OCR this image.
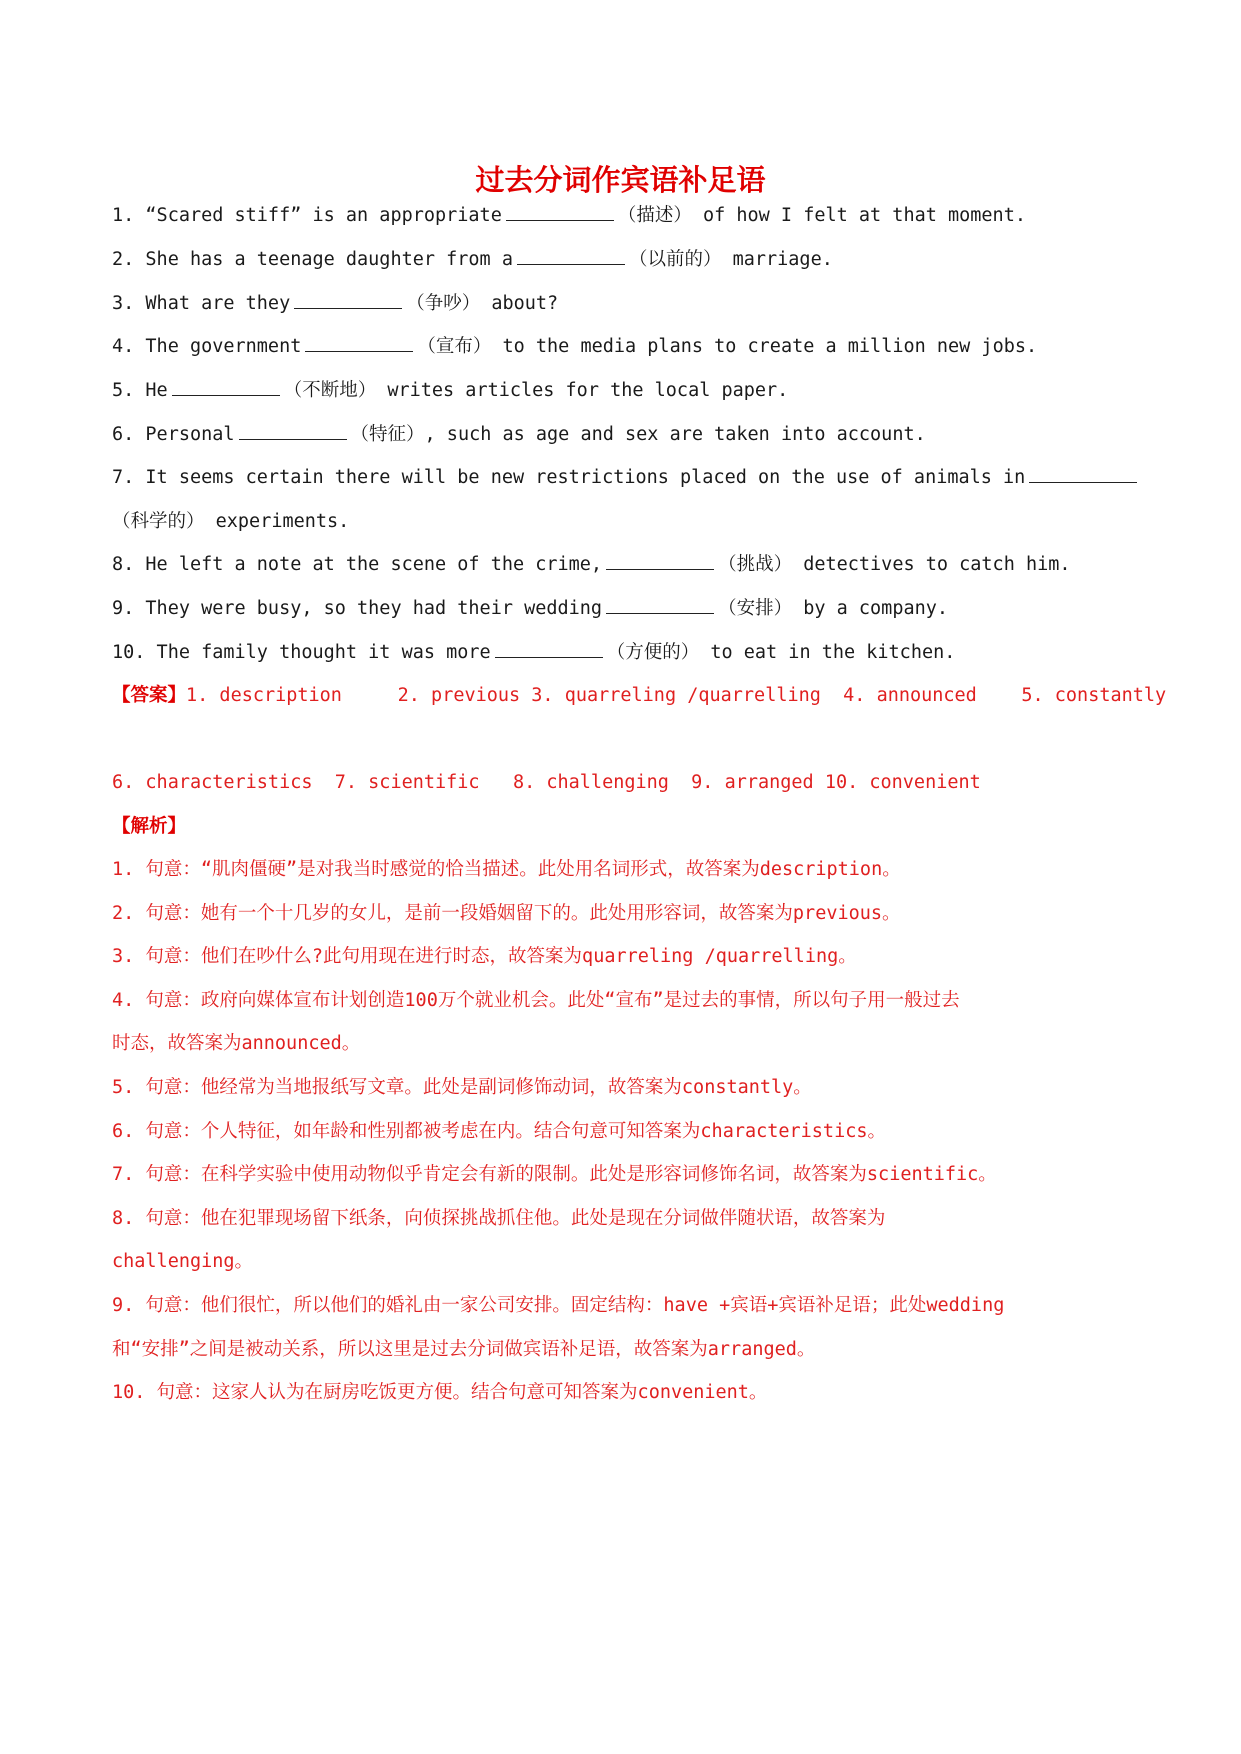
过去分词作宾语补足语
1. “Scared stiff” is an appropriate	（描述） of how I felt at that moment.
2. She has a teenage daughter from a	（以前的） marriage.
3. What are they	（争吵） about?
4. The government	（宣布） to the media plans to create a million new jobs.
5. He	（不断地） writes articles for the local paper.
6. Personal	（特征）, such as age and sex are taken into account.
7. It seems certain there will be new restrictions placed on the use of animals in
（科学的） experiments.
8. He left a note at the scene of the crime,	（挑战） detectives to catch him.
9. They were busy, so they had their wedding	（安排） by a company.
10. The family thought it was more	（方便的） to eat in the kitchen.
【答案】1. description     2. previous 3. quarreling /quarrelling  4. announced    5. constantly
6. characteristics  7. scientific   8. challenging  9. arranged 10. convenient
【解析】
1. 句意：“肌肉僵硬”是对我当时感觉的恰当描述。此处用名词形式，故答案为description。
2. 句意：她有一个十几岁的女儿，是前一段婚姻留下的。此处用形容词，故答案为previous。
3. 句意：他们在吵什么?此句用现在进行时态，故答案为quarreling /quarrelling。
4. 句意：政府向媒体宣布计划创造100万个就业机会。此处“宣布”是过去的事情，所以句子用一般过去
时态，故答案为announced。
5. 句意：他经常为当地报纸写文章。此处是副词修饰动词，故答案为constantly。
6. 句意：个人特征，如年龄和性别都被考虑在内。结合句意可知答案为characteristics。
7. 句意：在科学实验中使用动物似乎肯定会有新的限制。此处是形容词修饰名词，故答案为scientific。
8. 句意：他在犯罪现场留下纸条，向侦探挑战抓住他。此处是现在分词做伴随状语，故答案为
challenging。
9. 句意：他们很忙，所以他们的婚礼由一家公司安排。固定结构：have +宾语+宾语补足语；此处wedding
和“安排”之间是被动关系，所以这里是过去分词做宾语补足语，故答案为arranged。
10. 句意：这家人认为在厨房吃饭更方便。结合句意可知答案为convenient。
